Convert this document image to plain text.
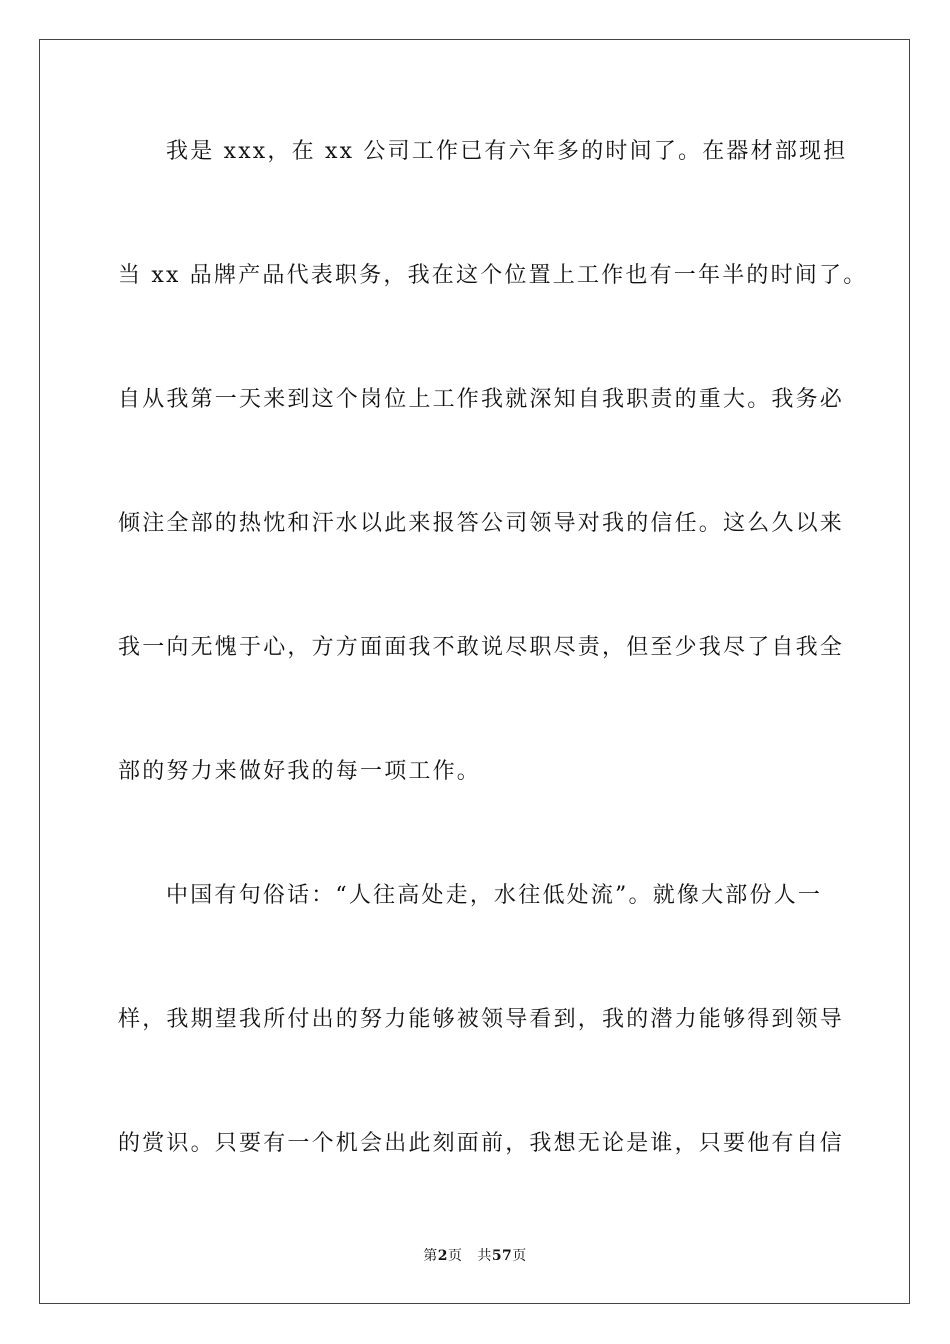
我是 xxx，在 xx 公司工作已有六年多的时间了。在器材部现担
当 xx 品牌产品代表职务，我在这个位置上工作也有一年半的时间了。
自从我第一天来到这个岗位上工作我就深知自我职责的重大。我务必
倾注全部的热忱和汗水以此来报答公司领导对我的信任。这么久以来
我一向无愧于心，方方面面我不敢说尽职尽责，但至少我尽了自我全
部的努力来做好我的每一项工作。
中国有句俗话：“人往高处走，水往低处流”。就像大部份人一
样，我期望我所付出的努力能够被领导看到，我的潜力能够得到领导
的赏识。只要有一个机会出此刻面前，我想无论是谁，只要他有自信
第2页 共57页
